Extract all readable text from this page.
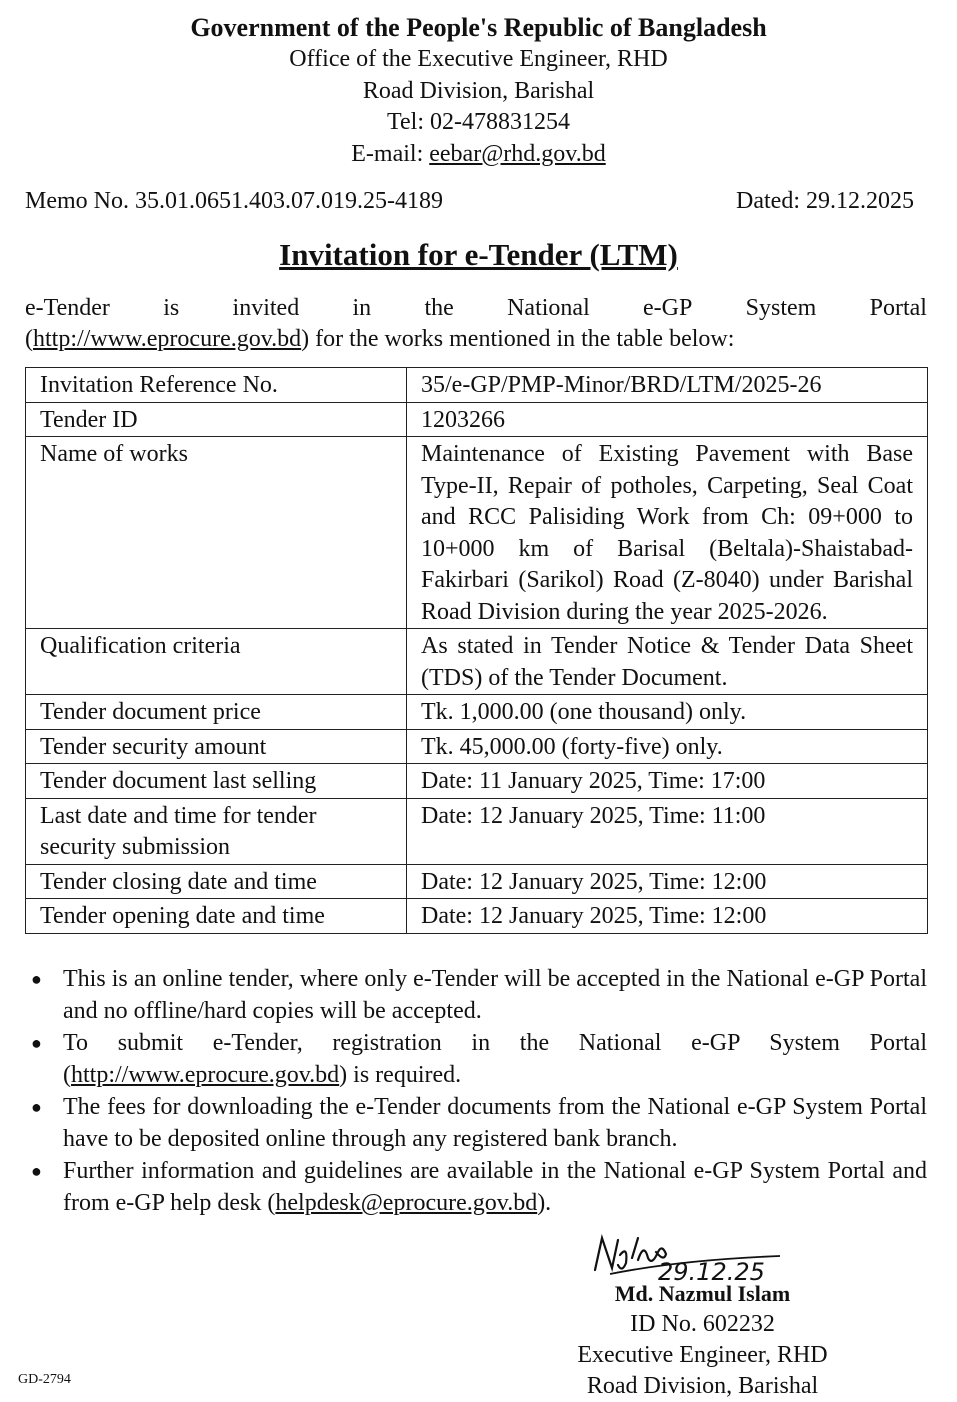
Government of the People's Republic of Bangladesh
Office of the Executive Engineer, RHD
Road Division, Barishal
Tel: 02-478831254
E-mail: eebar@rhd.gov.bd
Memo No. 35.01.0651.403.07.019.25-4189	Dated: 29.12.2025
Invitation for e-Tender (LTM)
e-Tender is invited in the National e-GP System Portal
(http://www.eprocure.gov.bd) for the works mentioned in the table below:
Invitation Reference No.	35/e-GP/PMP-Minor/BRD/LTM/2025-26
Tender ID	1203266
Name of works	Maintenance of Existing Pavement with Base Type-II, Repair of potholes, Carpeting, Seal Coat and RCC Palisiding Work from Ch: 09+000 to 10+000 km of Barisal (Beltala)-Shaistabad-Fakirbari (Sarikol) Road (Z-8040) under Barishal Road Division during the year 2025-2026.
Qualification criteria	As stated in Tender Notice & Tender Data Sheet (TDS) of the Tender Document.
Tender document price	Tk. 1,000.00 (one thousand) only.
Tender security amount	Tk. 45,000.00 (forty-five) only.
Tender document last selling	Date: 11 January 2025, Time: 17:00
Last date and time for tender security submission	Date: 12 January 2025, Time: 11:00
Tender closing date and time	Date: 12 January 2025, Time: 12:00
Tender opening date and time	Date: 12 January 2025, Time: 12:00
● This is an online tender, where only e-Tender will be accepted in the National e-GP Portal and no offline/hard copies will be accepted.
● To submit e-Tender, registration in the National e-GP System Portal (http://www.eprocure.gov.bd) is required.
● The fees for downloading the e-Tender documents from the National e-GP System Portal have to be deposited online through any registered bank branch.
● Further information and guidelines are available in the National e-GP System Portal and from e-GP help desk (helpdesk@eprocure.gov.bd).
29.12.25
Md. Nazmul Islam
ID No. 602232
Executive Engineer, RHD
Road Division, Barishal
GD-2794
